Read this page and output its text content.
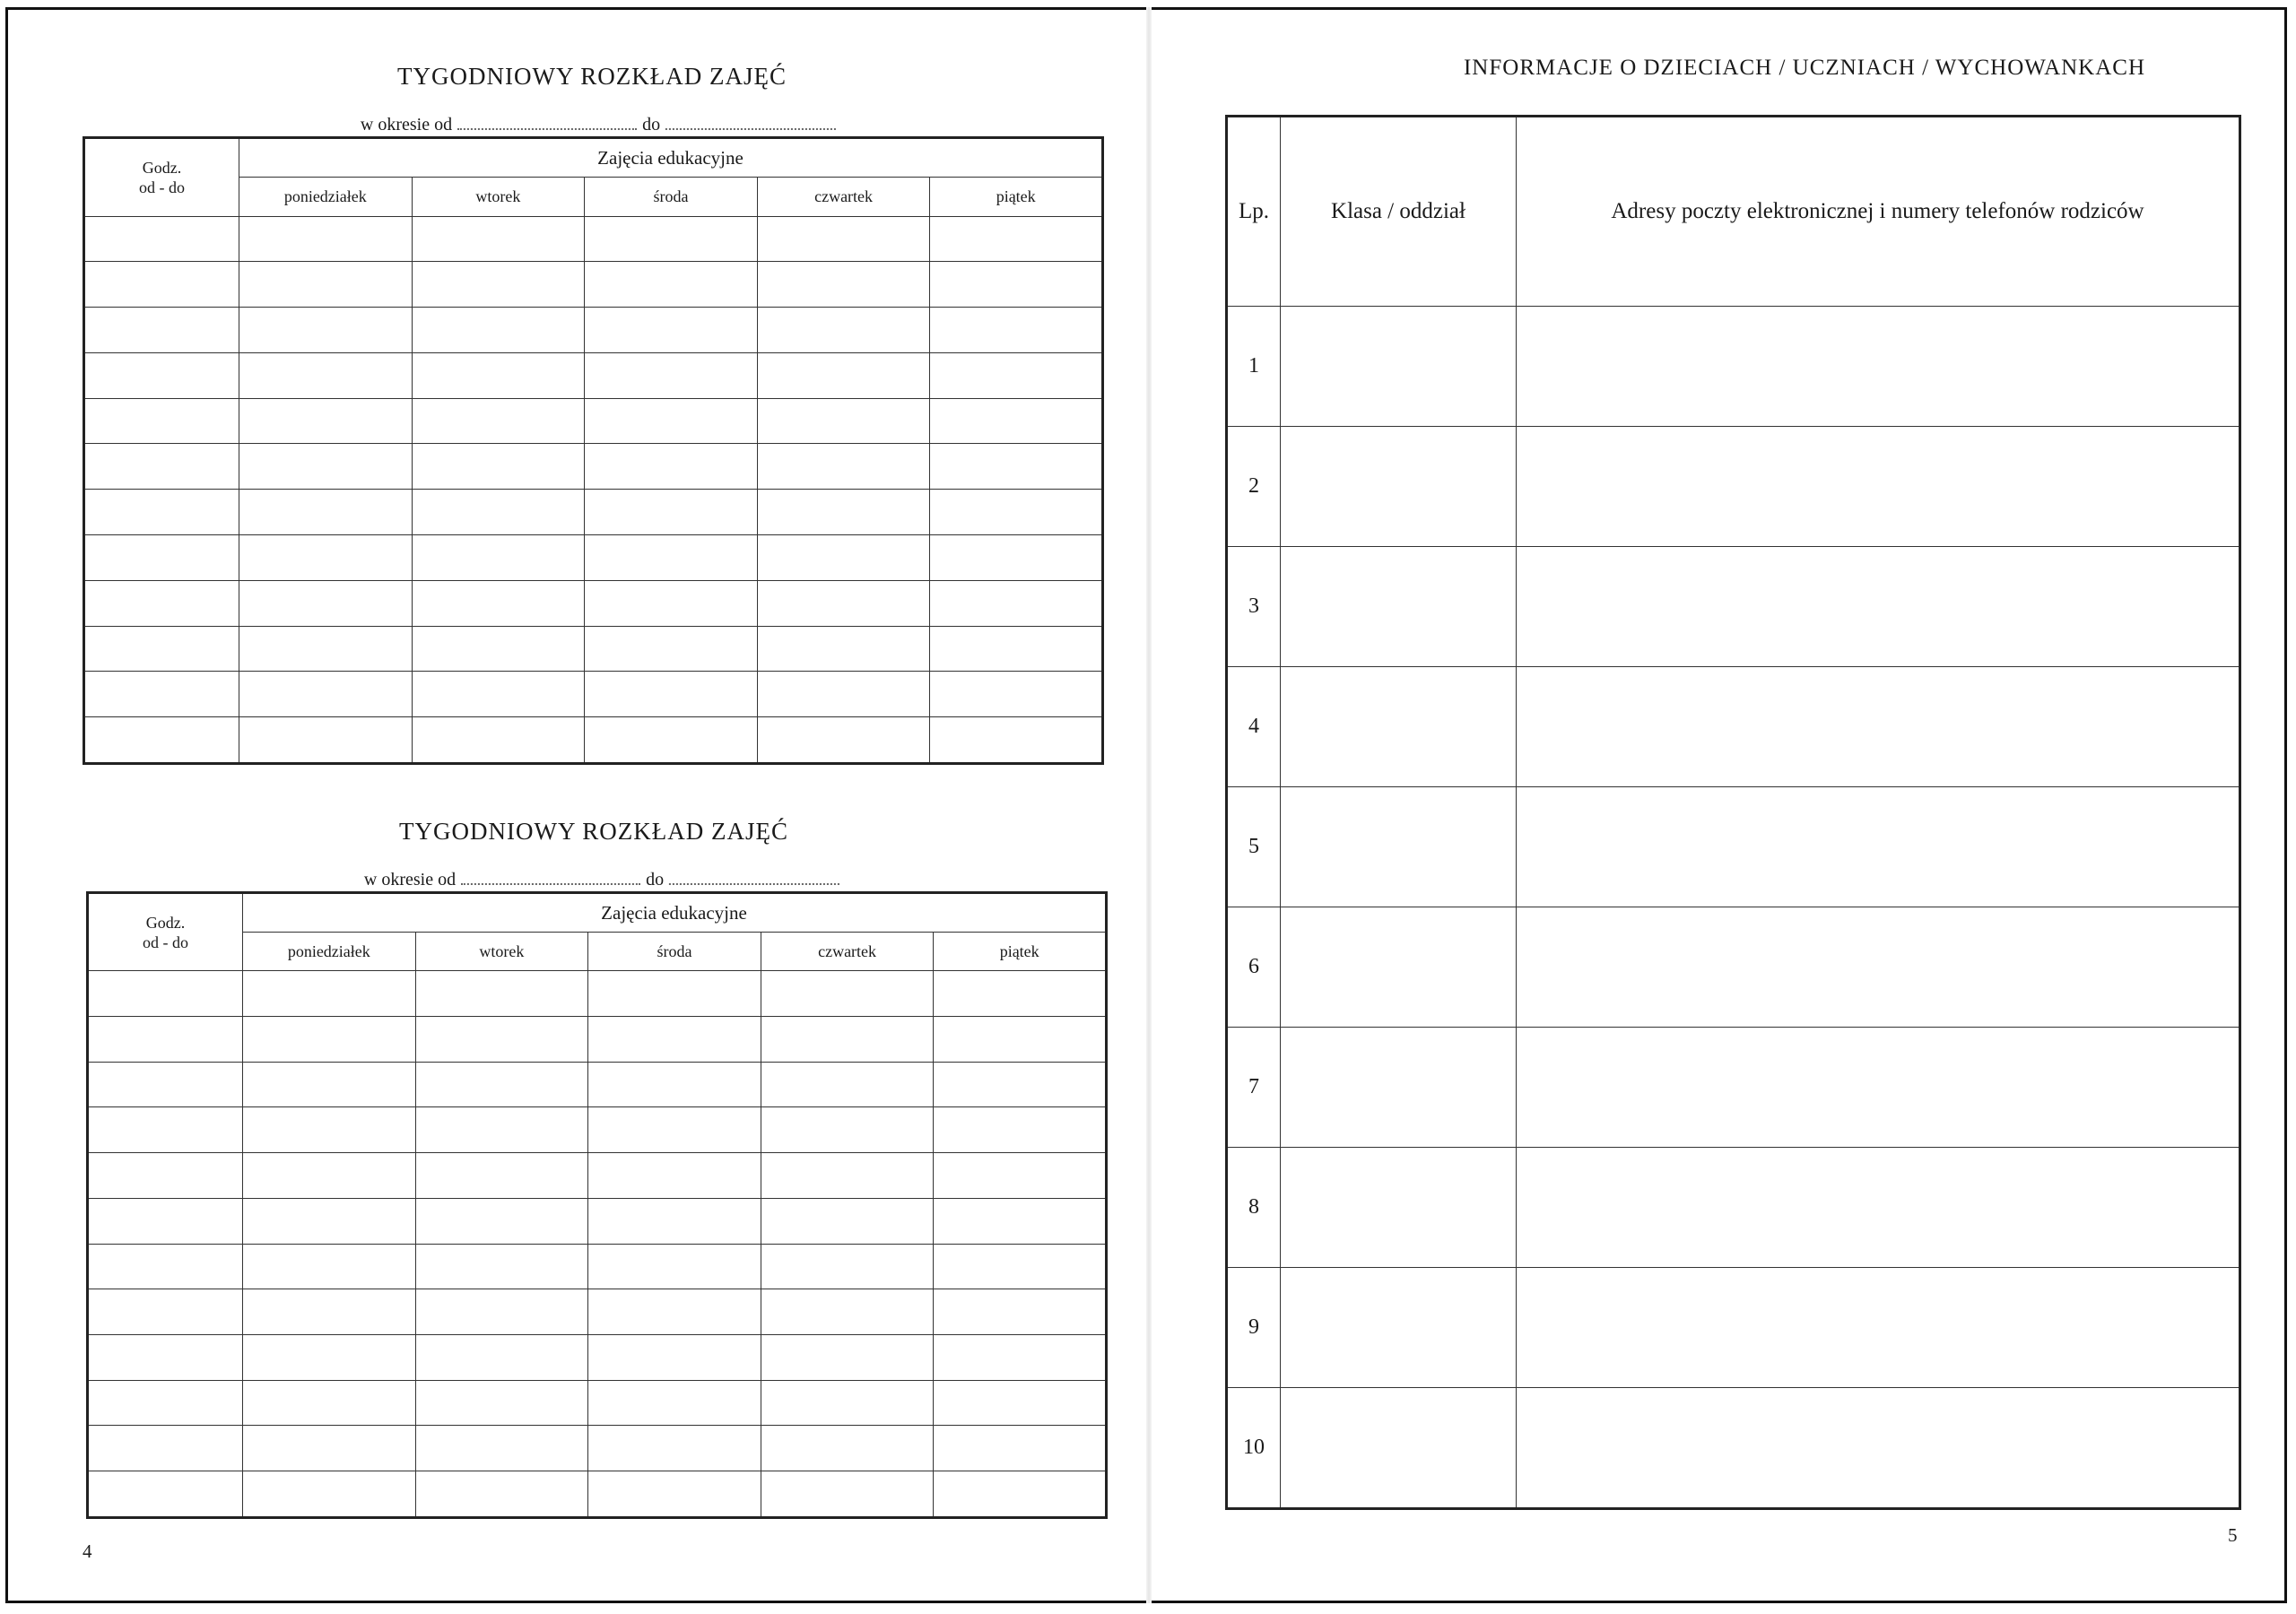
TYGODNIOWY ROZKŁAD ZAJĘĆ
w okresie od	do
Godz.
od - do	Zajęcia edukacyjne				
	poniedziałek	wtorek	środa	czwartek	piątek

TYGODNIOWY ROZKŁAD ZAJĘĆ
w okresie od	do
Godz.
od - do	Zajęcia edukacyjne				
	poniedziałek	wtorek	środa	czwartek	piątek

4
INFORMACJE O DZIECIACH / UCZNIACH / WYCHOWANKACH
Lp.	Klasa / oddział	Adresy poczty elektronicznej i numery telefonów rodziców
1		
2		
3		
4		
5		
6		
7		
8		
9		
10		
5
